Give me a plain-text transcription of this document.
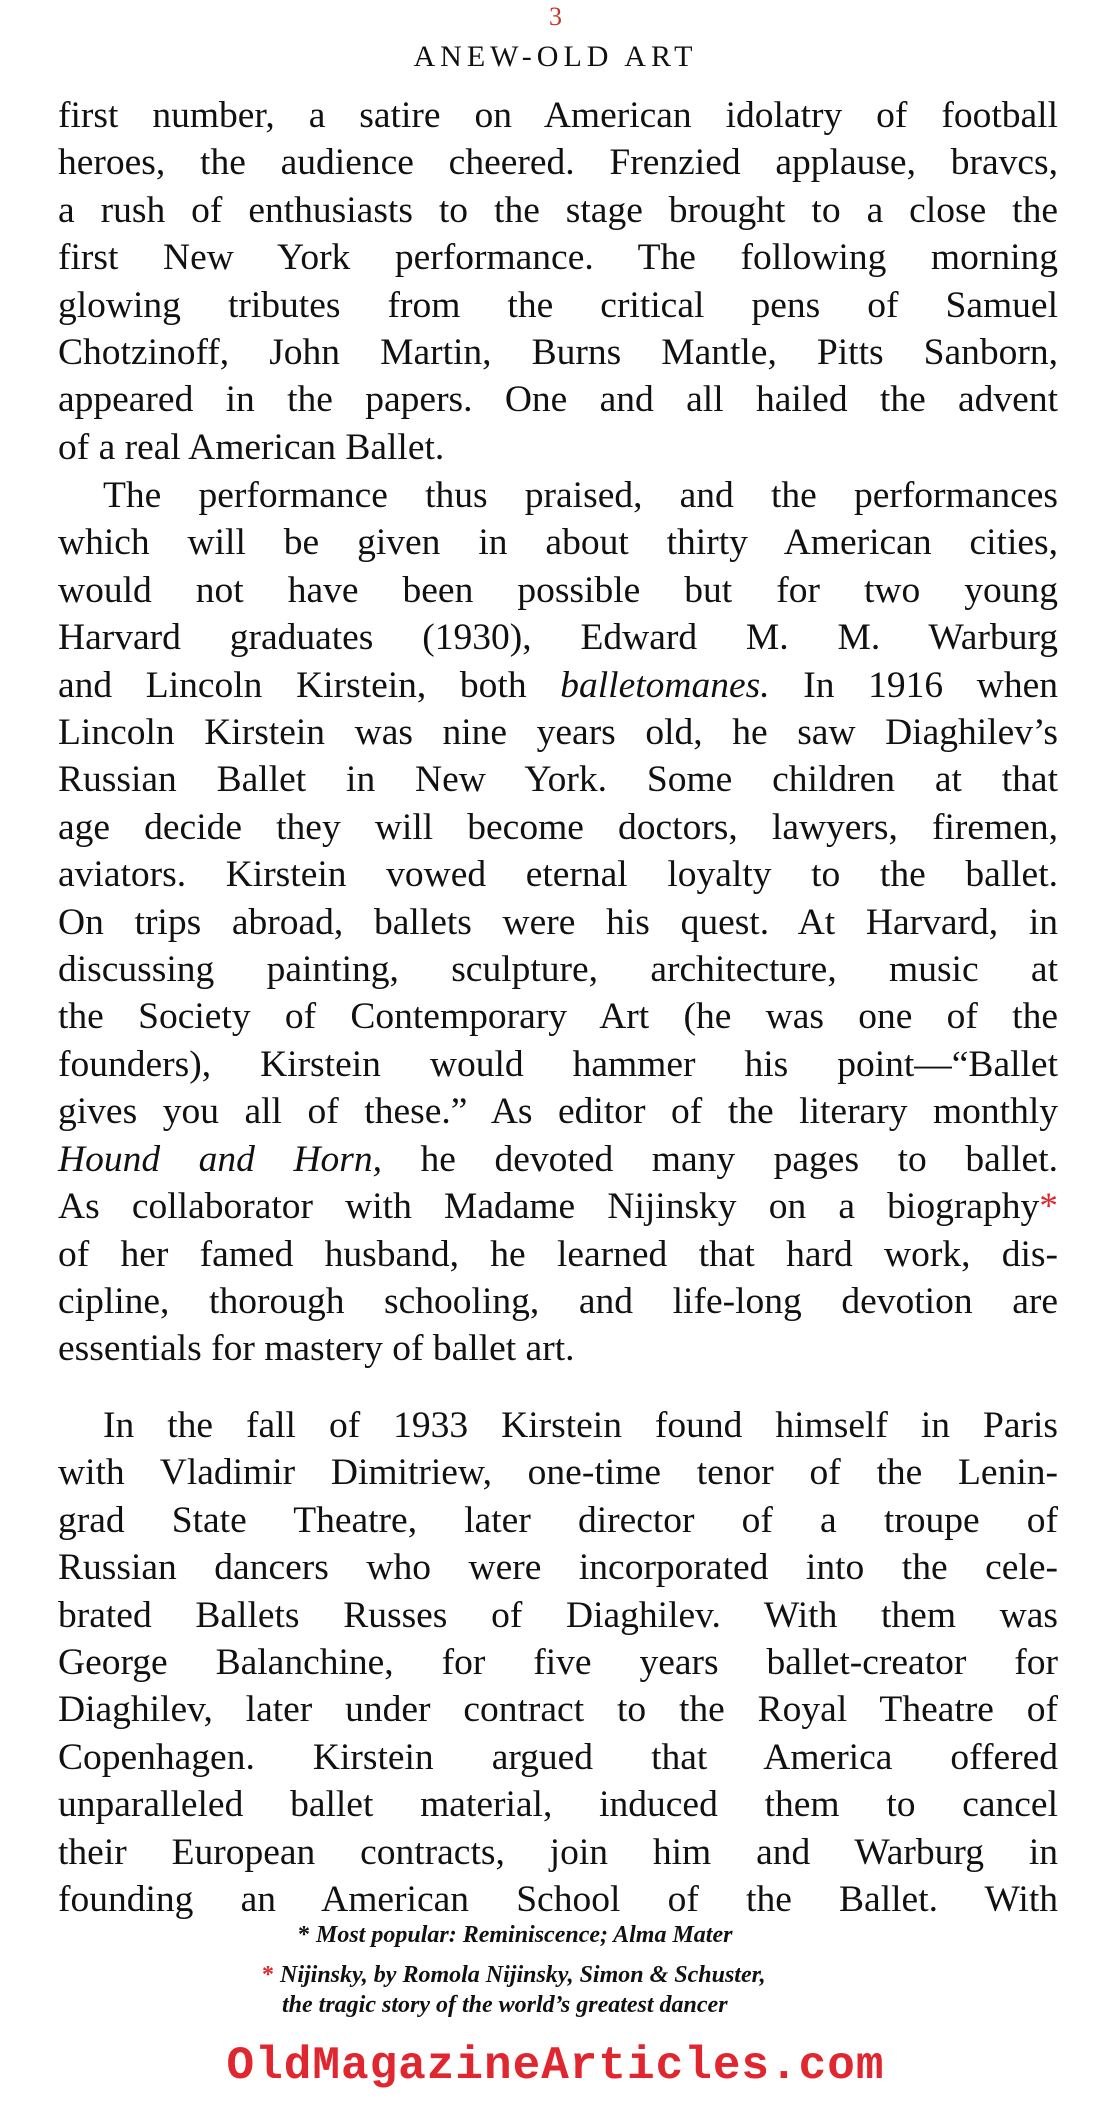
3
ANEW-OLD ART
first number, a satire on American idolatry of football
heroes, the audience cheered. Frenzied applause, bravcs,
a rush of enthusiasts to the stage brought to a close the
first New York performance. The following morning
glowing tributes from the critical pens of Samuel
Chotzinoff, John Martin, Burns Mantle, Pitts Sanborn,
appeared in the papers. One and all hailed the advent
of a real American Ballet.
The performance thus praised, and the performances
which will be given in about thirty American cities,
would not have been possible but for two young
Harvard graduates (1930), Edward M. M. Warburg
and Lincoln Kirstein, both balletomanes. In 1916 when
Lincoln Kirstein was nine years old, he saw Diaghilev’s
Russian Ballet in New York. Some children at that
age decide they will become doctors, lawyers, firemen,
aviators. Kirstein vowed eternal loyalty to the ballet.
On trips abroad, ballets were his quest. At Harvard, in
discussing painting, sculpture, architecture, music at
the Society of Contemporary Art (he was one of the
founders), Kirstein would hammer his point—“Ballet
gives you all of these.” As editor of the literary monthly
Hound and Horn, he devoted many pages to ballet.
As collaborator with Madame Nijinsky on a biography*
of her famed husband, he learned that hard work, dis-
cipline, thorough schooling, and life-long devotion are
essentials for mastery of ballet art.
In the fall of 1933 Kirstein found himself in Paris
with Vladimir Dimitriew, one-time tenor of the Lenin-
grad State Theatre, later director of a troupe of
Russian dancers who were incorporated into the cele-
brated Ballets Russes of Diaghilev. With them was
George Balanchine, for five years ballet-creator for
Diaghilev, later under contract to the Royal Theatre of
Copenhagen. Kirstein argued that America offered
unparalleled ballet material, induced them to cancel
their European contracts, join him and Warburg in
founding an American School of the Ballet. With
* Most popular: Reminiscence; Alma Mater
* Nijinsky, by Romola Nijinsky, Simon & Schuster,
the tragic story of the world’s greatest dancer
OldMagazineArticles.com
